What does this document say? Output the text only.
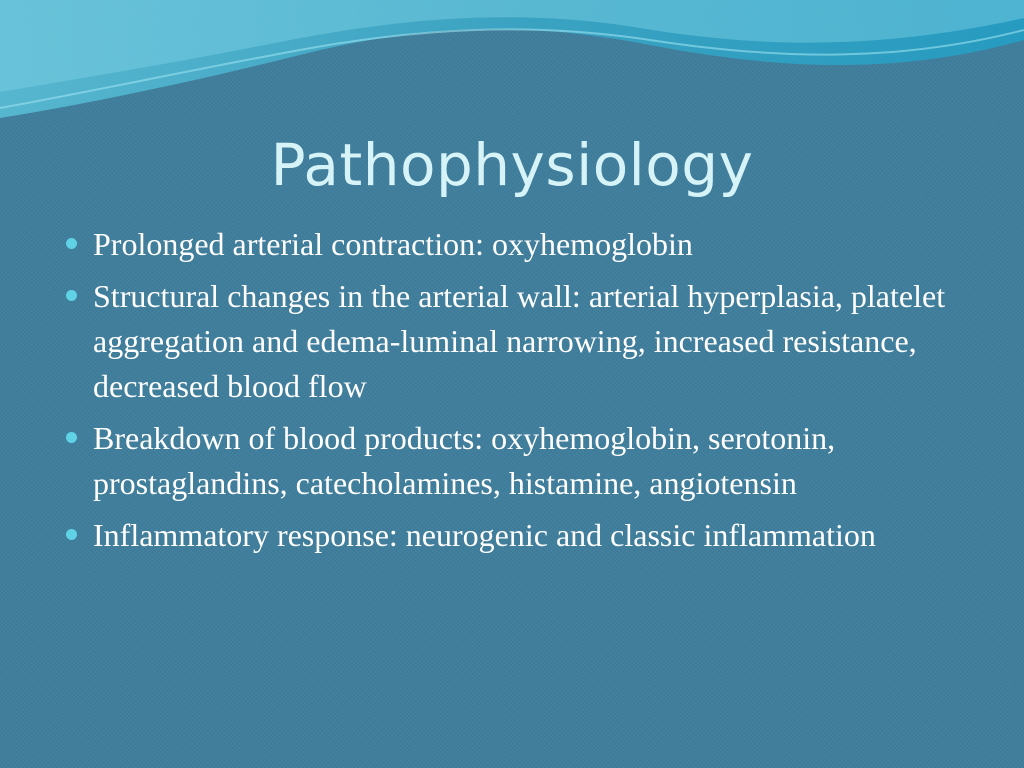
Pathophysiology
Prolonged arterial contraction: oxyhemoglobin
Structural changes in the arterial wall: arterial hyperplasia, platelet aggregation and edema-luminal narrowing, increased resistance, decreased blood flow
Breakdown of blood products: oxyhemoglobin, serotonin, prostaglandins, catecholamines, histamine, angiotensin
Inflammatory response: neurogenic and classic inflammation
